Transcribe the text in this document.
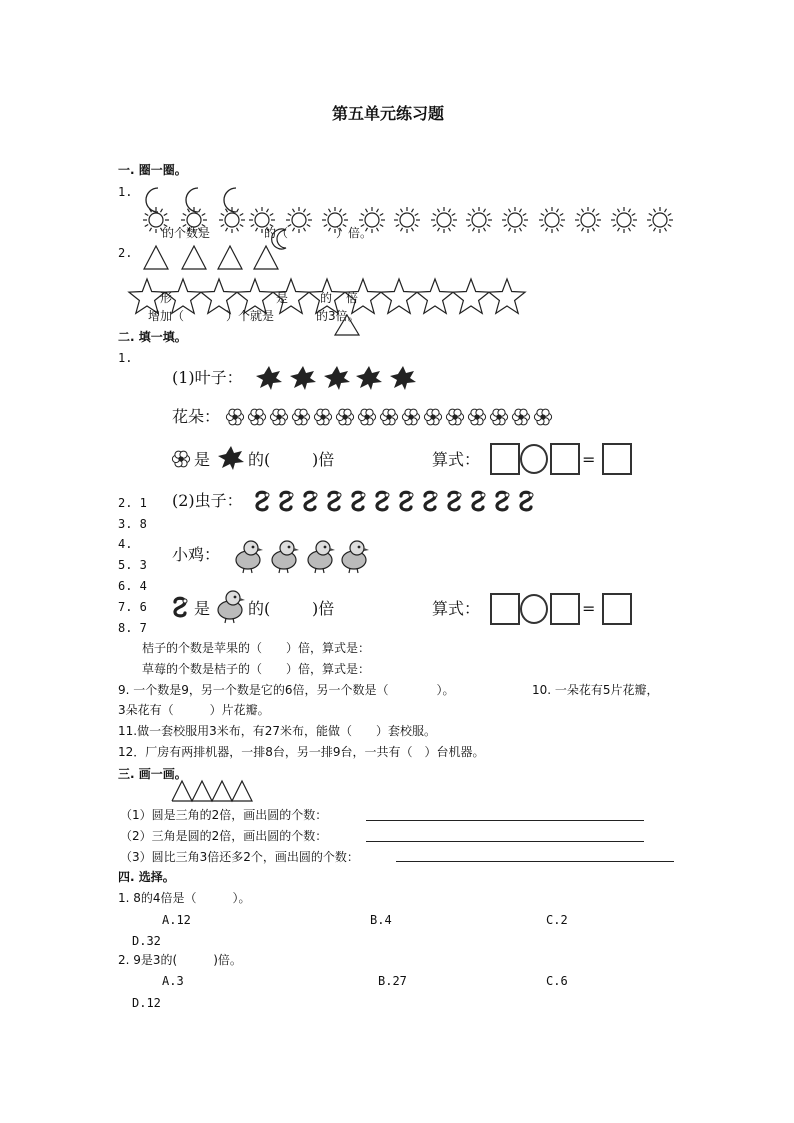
第五单元练习题
一. 圈一圈。
1.
的个数是	的（	）倍。
2.
形	是	的 倍
增加（	）个就是	的3倍。
二. 填一填。
1.
2. 1
3. 8
4.
5. 3
6. 4
7. 6
8. 7
(1)叶子：
花朵：
是 的(	)倍	算式：	=
(2)虫子：
小鸡：
是 的(	)倍	算式：	=
桔子的个数是苹果的（　　）倍，算式是：
草莓的个数是桔子的（　　）倍，算式是：
9. 一个数是9，另一个数是它的6倍，另一个数是（　　　　）。	10. 一朵花有5片花瓣，
3朵花有（　　　）片花瓣。
11.做一套校服用3米布，有27米布，能做（　　）套校服。
12．厂房有两排机器，一排8台，另一排9台，一共有（　）台机器。
三. 画一画。
（1）圆是三角的2倍，画出圆的个数：
（2）三角是圆的2倍，画出圆的个数：
（3）圆比三角3倍还多2个，画出圆的个数：
四. 选择。
1. 8的4倍是（　　　）。
A.12	B.4	C.2
D.32
2. 9是3的(　　　)倍。
A.3	B.27	C.6
D.12
